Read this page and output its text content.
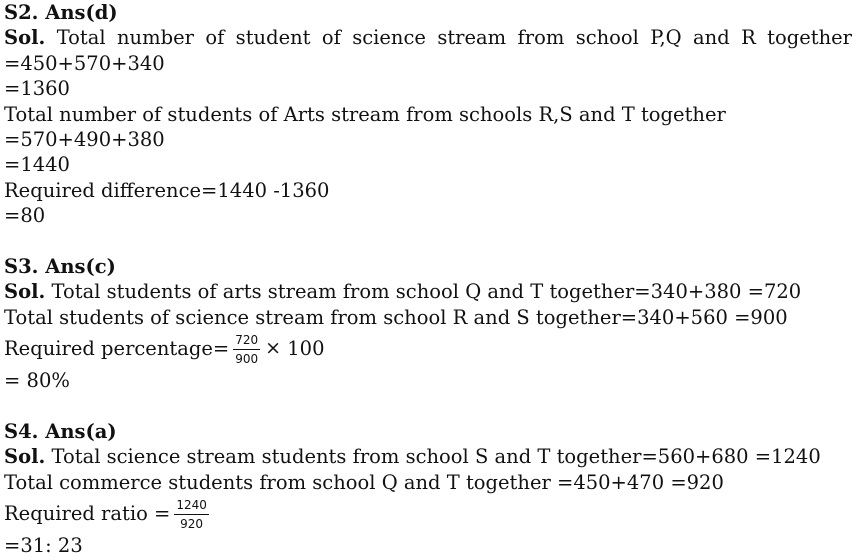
S2. Ans(d)
Sol. Total number of student of science stream from school P,Q and R together
=450+570+340
=1360
Total number of students of Arts stream from schools R,S and T together
=570+490+380
=1440
Required difference=1440 -1360
=80
S3. Ans(c)
Sol. Total students of arts stream from school Q and T together=340+380 =720
Total students of science stream from school R and S together=340+560 =900
Required percentage= $\frac{720}{900}$ ×
100
= 80%
S4. Ans(a)
Sol. Total science stream students from school S and T together=560+680 =1240
Total commerce students from school Q and T together =450+470 =920
Required ratio = $\frac{1240}{920}$
=31: 23
